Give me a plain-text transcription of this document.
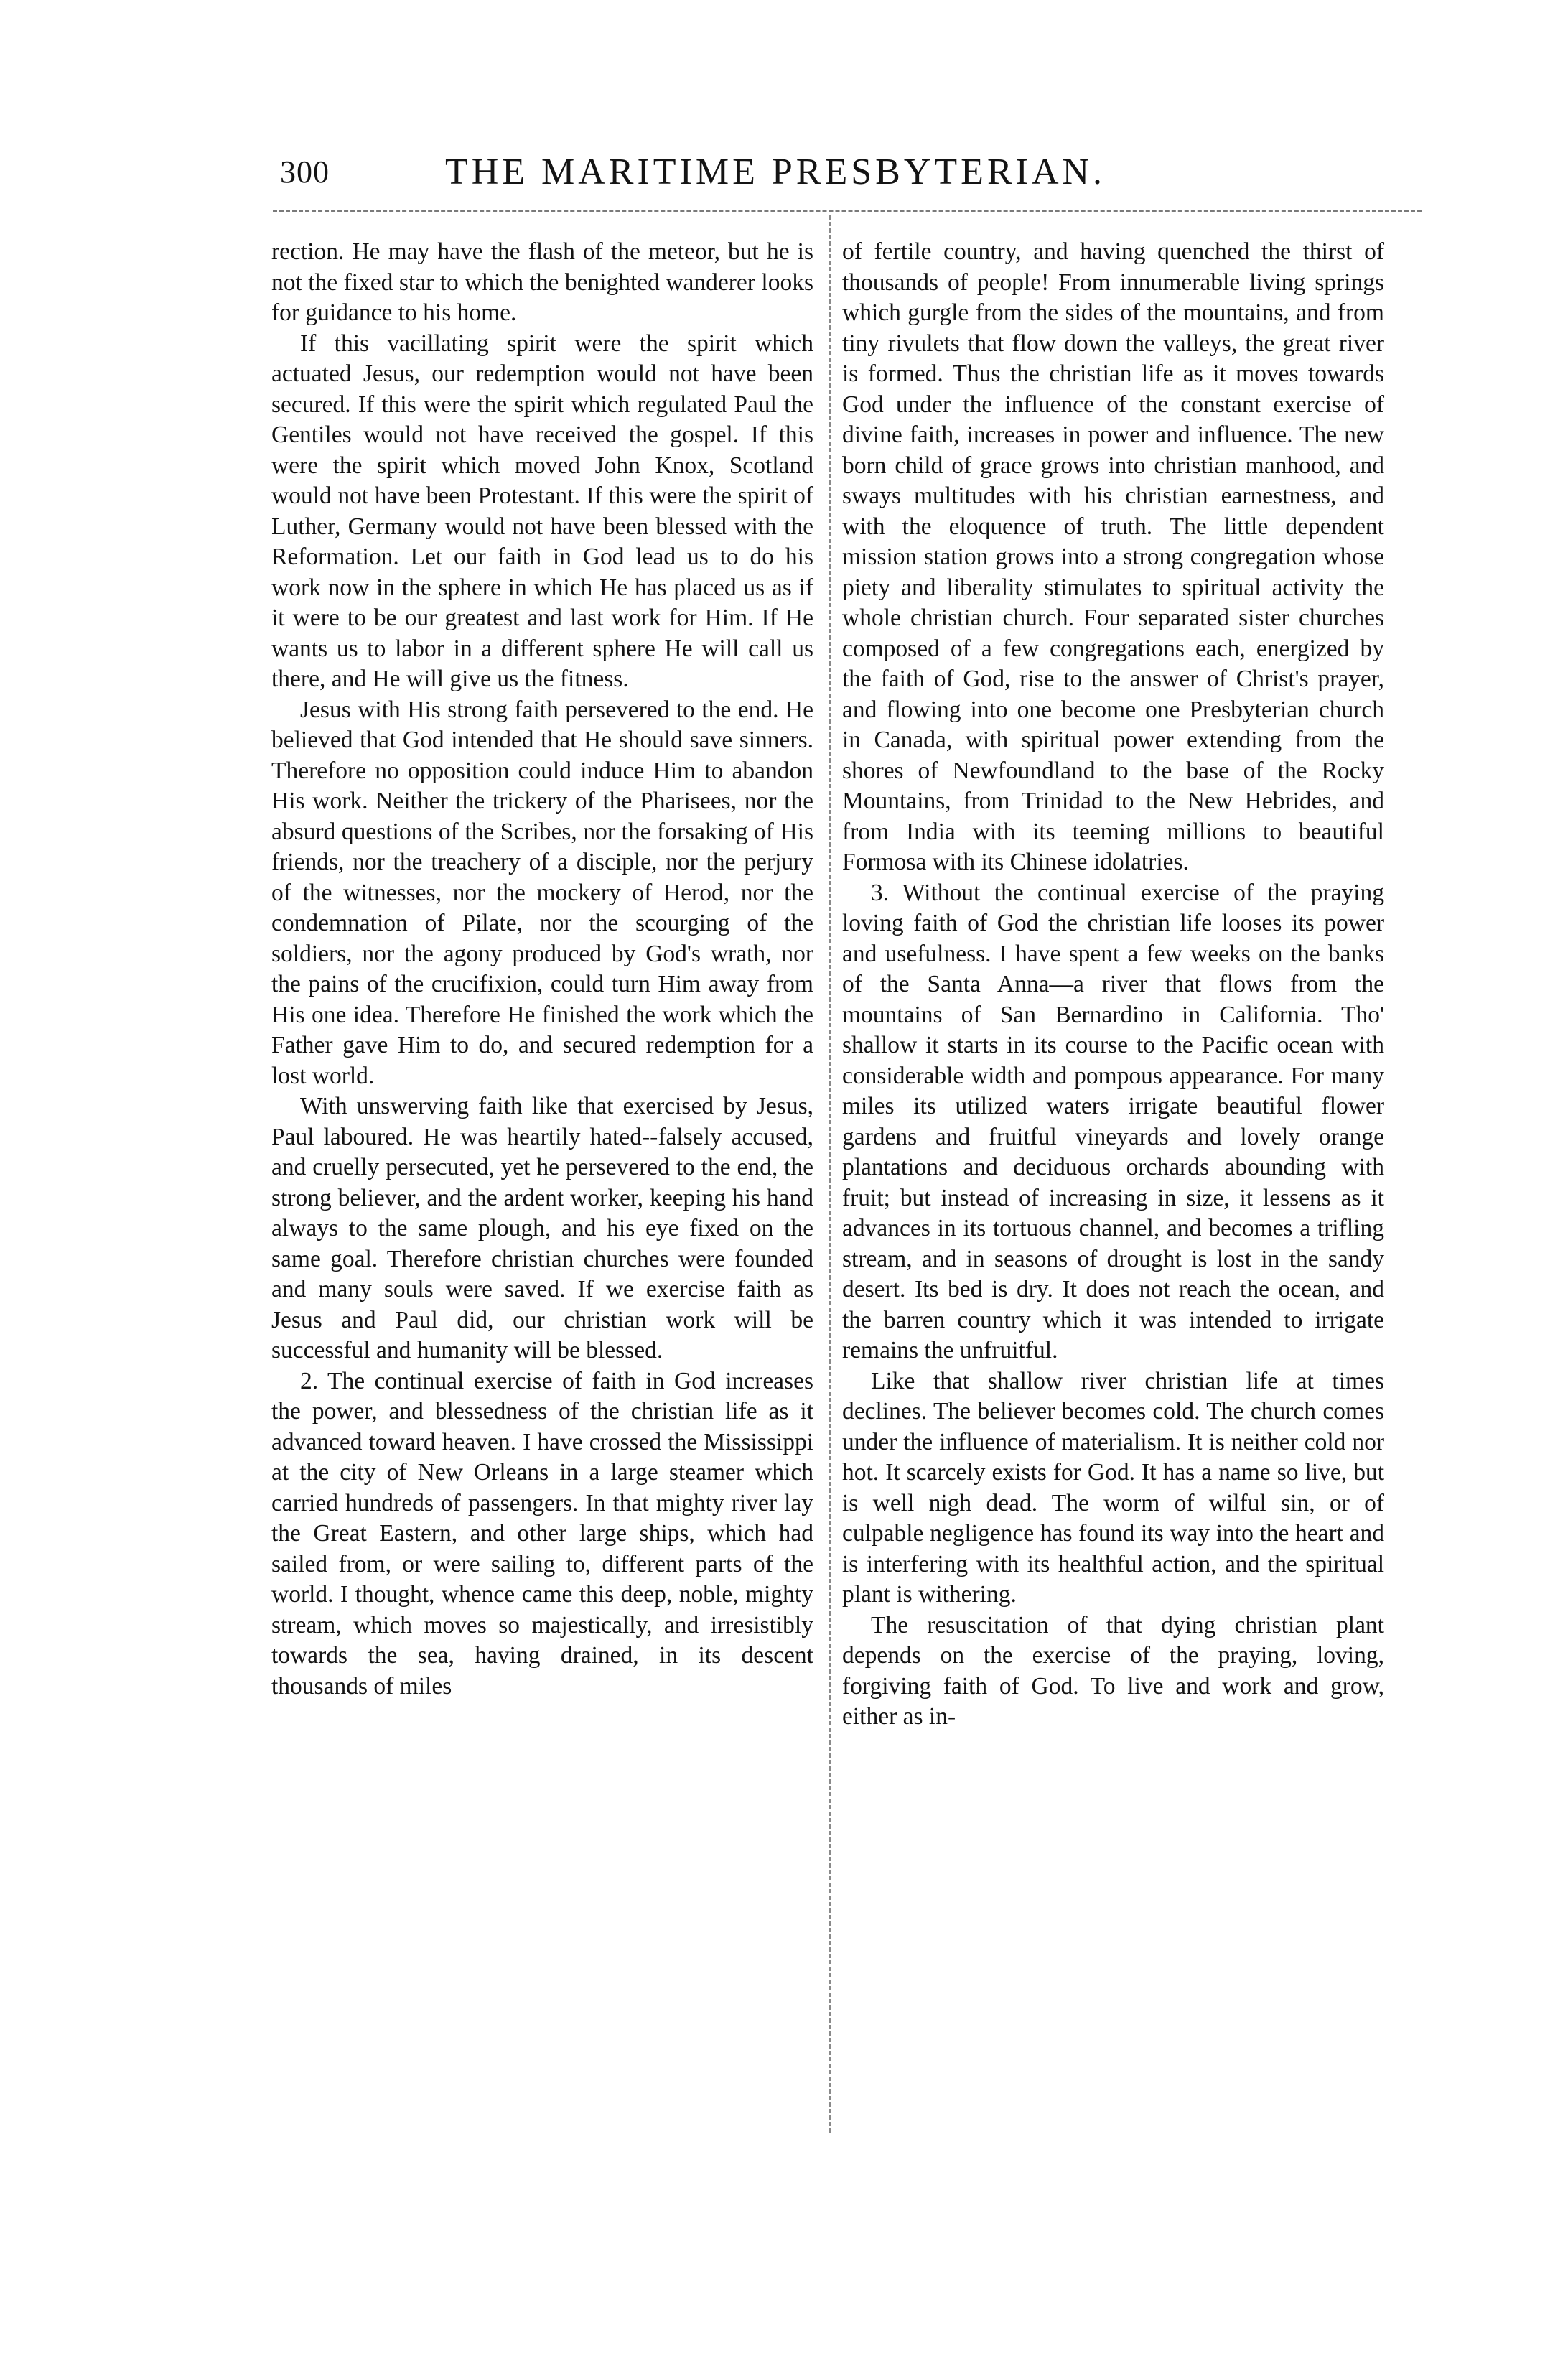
300	THE MARITIME PRESBYTERIAN.

rection. He may have the flash of the meteor, but he is not the fixed star to which the benighted wanderer looks for guidance to his home.

If this vacillating spirit were the spirit which actuated Jesus, our redemption would not have been secured. If this were the spirit which regulated Paul the Gentiles would not have received the gospel. If this were the spirit which moved John Knox, Scotland would not have been Protestant. If this were the spirit of Luther, Germany would not have been blessed with the Reformation. Let our faith in God lead us to do his work now in the sphere in which He has placed us as if it were to be our greatest and last work for Him. If He wants us to labor in a different sphere He will call us there, and He will give us the fitness.

Jesus with His strong faith persevered to the end. He believed that God intended that He should save sinners. Therefore no opposition could induce Him to abandon His work. Neither the trickery of the Pharisees, nor the absurd questions of the Scribes, nor the forsaking of His friends, nor the treachery of a disciple, nor the perjury of the witnesses, nor the mockery of Herod, nor the condemnation of Pilate, nor the scourging of the soldiers, nor the agony produced by God's wrath, nor the pains of the crucifixion, could turn Him away from His one idea. Therefore He finished the work which the Father gave Him to do, and secured redemption for a lost world.

With unswerving faith like that exercised by Jesus, Paul laboured. He was heartily hated--falsely accused, and cruelly persecuted, yet he persevered to the end, the strong believer, and the ardent worker, keeping his hand always to the same plough, and his eye fixed on the same goal. Therefore christian churches were founded and many souls were saved. If we exercise faith as Jesus and Paul did, our christian work will be successful and humanity will be blessed.

2. The continual exercise of faith in God increases the power, and blessedness of the christian life as it advanced toward heaven. I have crossed the Mississippi at the city of New Orleans in a large steamer which carried hundreds of passengers. In that mighty river lay the Great Eastern, and other large ships, which had sailed from, or were sailing to, different parts of the world. I thought, whence came this deep, noble, mighty stream, which moves so majestically, and irresistibly towards the sea, having drained, in its descent thousands of miles

of fertile country, and having quenched the thirst of thousands of people! From innumerable living springs which gurgle from the sides of the mountains, and from tiny rivulets that flow down the valleys, the great river is formed. Thus the christian life as it moves towards God under the influence of the constant exercise of divine faith, increases in power and influence. The new born child of grace grows into christian manhood, and sways multitudes with his christian earnestness, and with the eloquence of truth. The little dependent mission station grows into a strong congregation whose piety and liberality stimulates to spiritual activity the whole christian church. Four separated sister churches composed of a few congregations each, energized by the faith of God, rise to the answer of Christ's prayer, and flowing into one become one Presbyterian church in Canada, with spiritual power extending from the shores of Newfoundland to the base of the Rocky Mountains, from Trinidad to the New Hebrides, and from India with its teeming millions to beautiful Formosa with its Chinese idolatries.

3. Without the continual exercise of the praying loving faith of God the christian life looses its power and usefulness. I have spent a few weeks on the banks of the Santa Anna—a river that flows from the mountains of San Bernardino in California. Tho' shallow it starts in its course to the Pacific ocean with considerable width and pompous appearance. For many miles its utilized waters irrigate beautiful flower gardens and fruitful vineyards and lovely orange plantations and deciduous orchards abounding with fruit; but instead of increasing in size, it lessens as it advances in its tortuous channel, and becomes a trifling stream, and in seasons of drought is lost in the sandy desert. Its bed is dry. It does not reach the ocean, and the barren country which it was intended to irrigate remains the unfruitful.

Like that shallow river christian life at times declines. The believer becomes cold. The church comes under the influence of materialism. It is neither cold nor hot. It scarcely exists for God. It has a name so live, but is well nigh dead. The worm of wilful sin, or of culpable negligence has found its way into the heart and is interfering with its healthful action, and the spiritual plant is withering.

The resuscitation of that dying christian plant depends on the exercise of the praying, loving, forgiving faith of God. To live and work and grow, either as in-
